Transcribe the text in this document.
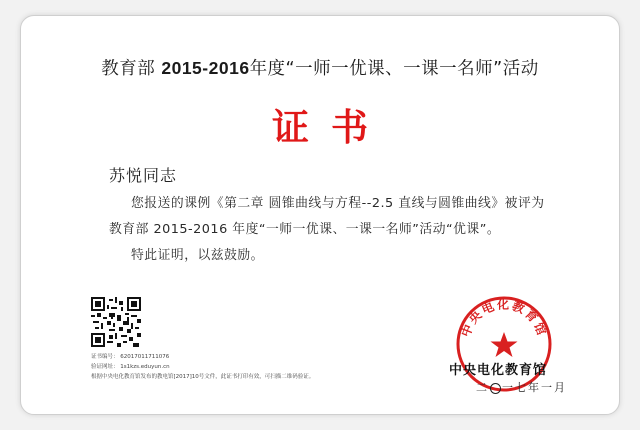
教育部 2015-2016年度“一师一优课、一课一名师”活动
证书
苏悦同志
您报送的课例《第二章 圆锥曲线与方程--2.5 直线与圆锥曲线》被评为
教育部 2015-2016 年度“一师一优课、一课一名师”活动“优课”。
特此证明，以兹鼓励。
证书编号： 62017011711076
验证网址： 1s1kzs.eduyun.cn
根据中央电化教育馆发布的教电馆[2017]10号文件，此证书打印有效，可扫描二维码验证。
中央电化教育馆
中央电化教育馆
二 一七年一月
